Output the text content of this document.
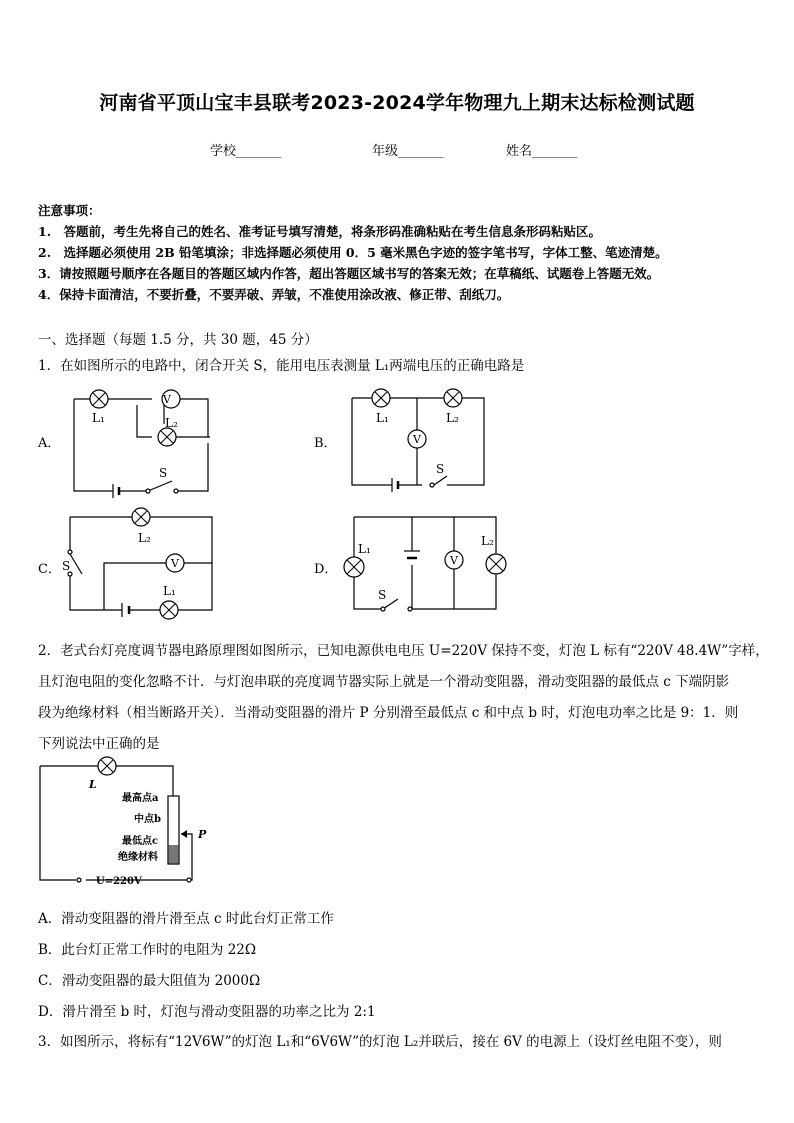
河南省平顶山宝丰县联考2023-2024学年物理九上期末达标检测试题
学校_______	年级_______	姓名_______
注意事项：
1.　答题前，考生先将自己的姓名、准考证号填写清楚，将条形码准确粘贴在考生信息条形码粘贴区。
2.　选择题必须使用 2B 铅笔填涂；非选择题必须使用 0．5 毫米黑色字迹的签字笔书写，字体工整、笔迹清楚。
3．请按照题号顺序在各题目的答题区域内作答，超出答题区域书写的答案无效；在草稿纸、试题卷上答题无效。
4．保持卡面清洁，不要折叠，不要弄破、弄皱，不准使用涂改液、修正带、刮纸刀。
一、选择题（每题 1.5 分，共 30 题，45 分）
1．在如图所示的电路中，闭合开关 S，能用电压表测量 L₁两端电压的正确电路是
A．	B．
C．	D．
V
L₁	L₂
S
V
L₁	L₂
S
V
L₂
L₁
S	V
L₁
L₂
S
2．老式台灯亮度调节器电路原理图如图所示，已知电源供电电压 U=220V 保持不变，灯泡 L 标有“220V 48.4W”字样，
且灯泡电阻的变化忽略不计．与灯泡串联的亮度调节器实际上就是一个滑动变阻器，滑动变阻器的最低点 c 下端阴影
段为绝缘材料（相当断路开关）．当滑动变阻器的滑片 P 分别滑至最低点 c 和中点 b 时，灯泡电功率之比是 9：1．则
下列说法中正确的是
L
最高点a
中点b
最低点c
绝缘材料
P
U=220V
A．滑动变阻器的滑片滑至点 c 时此台灯正常工作
B．此台灯正常工作时的电阻为 22Ω
C．滑动变阻器的最大阻值为 2000Ω
D．滑片滑至 b 时，灯泡与滑动变阻器的功率之比为 2:1
3．如图所示，将标有“12V6W”的灯泡 L₁和“6V6W”的灯泡 L₂并联后，接在 6V 的电源上（设灯丝电阻不变），则
